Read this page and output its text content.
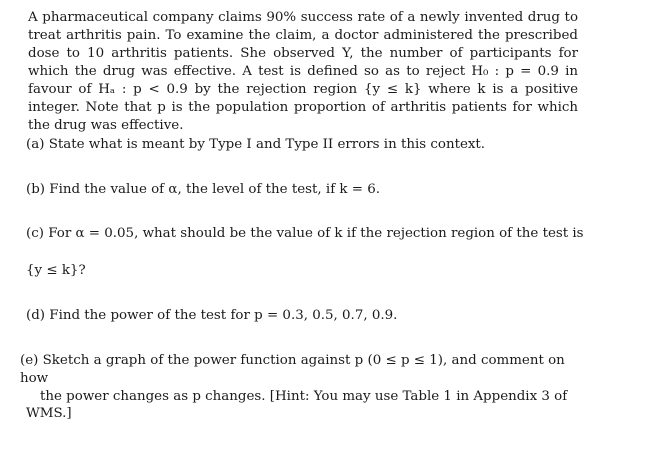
A pharmaceutical company claims 90% success rate of a newly invented drug to treat arthritis pain. To examine the claim, a doctor administered the prescribed dose to 10 arthritis patients. She observed Y, the number of participants for which the drug was effective. A test is defined so as to reject H₀ : p = 0.9 in favour of Hₐ : p < 0.9 by the rejection region {y ≤ k} where k is a positive integer. Note that p is the population proportion of arthritis patients for which the drug was effective.

(a) State what is meant by Type I and Type II errors in this context.

(b) Find the value of α, the level of the test, if k = 6.

(c) For α = 0.05, what should be the value of k if the rejection region of the test is

{y ≤ k}?

(d) Find the power of the test for p = 0.3, 0.5, 0.7, 0.9.

(e) Sketch a graph of the power function against p (0 ≤ p ≤ 1), and comment on how
the power changes as p changes. [Hint: You may use Table 1 in Appendix 3 of

WMS.]
